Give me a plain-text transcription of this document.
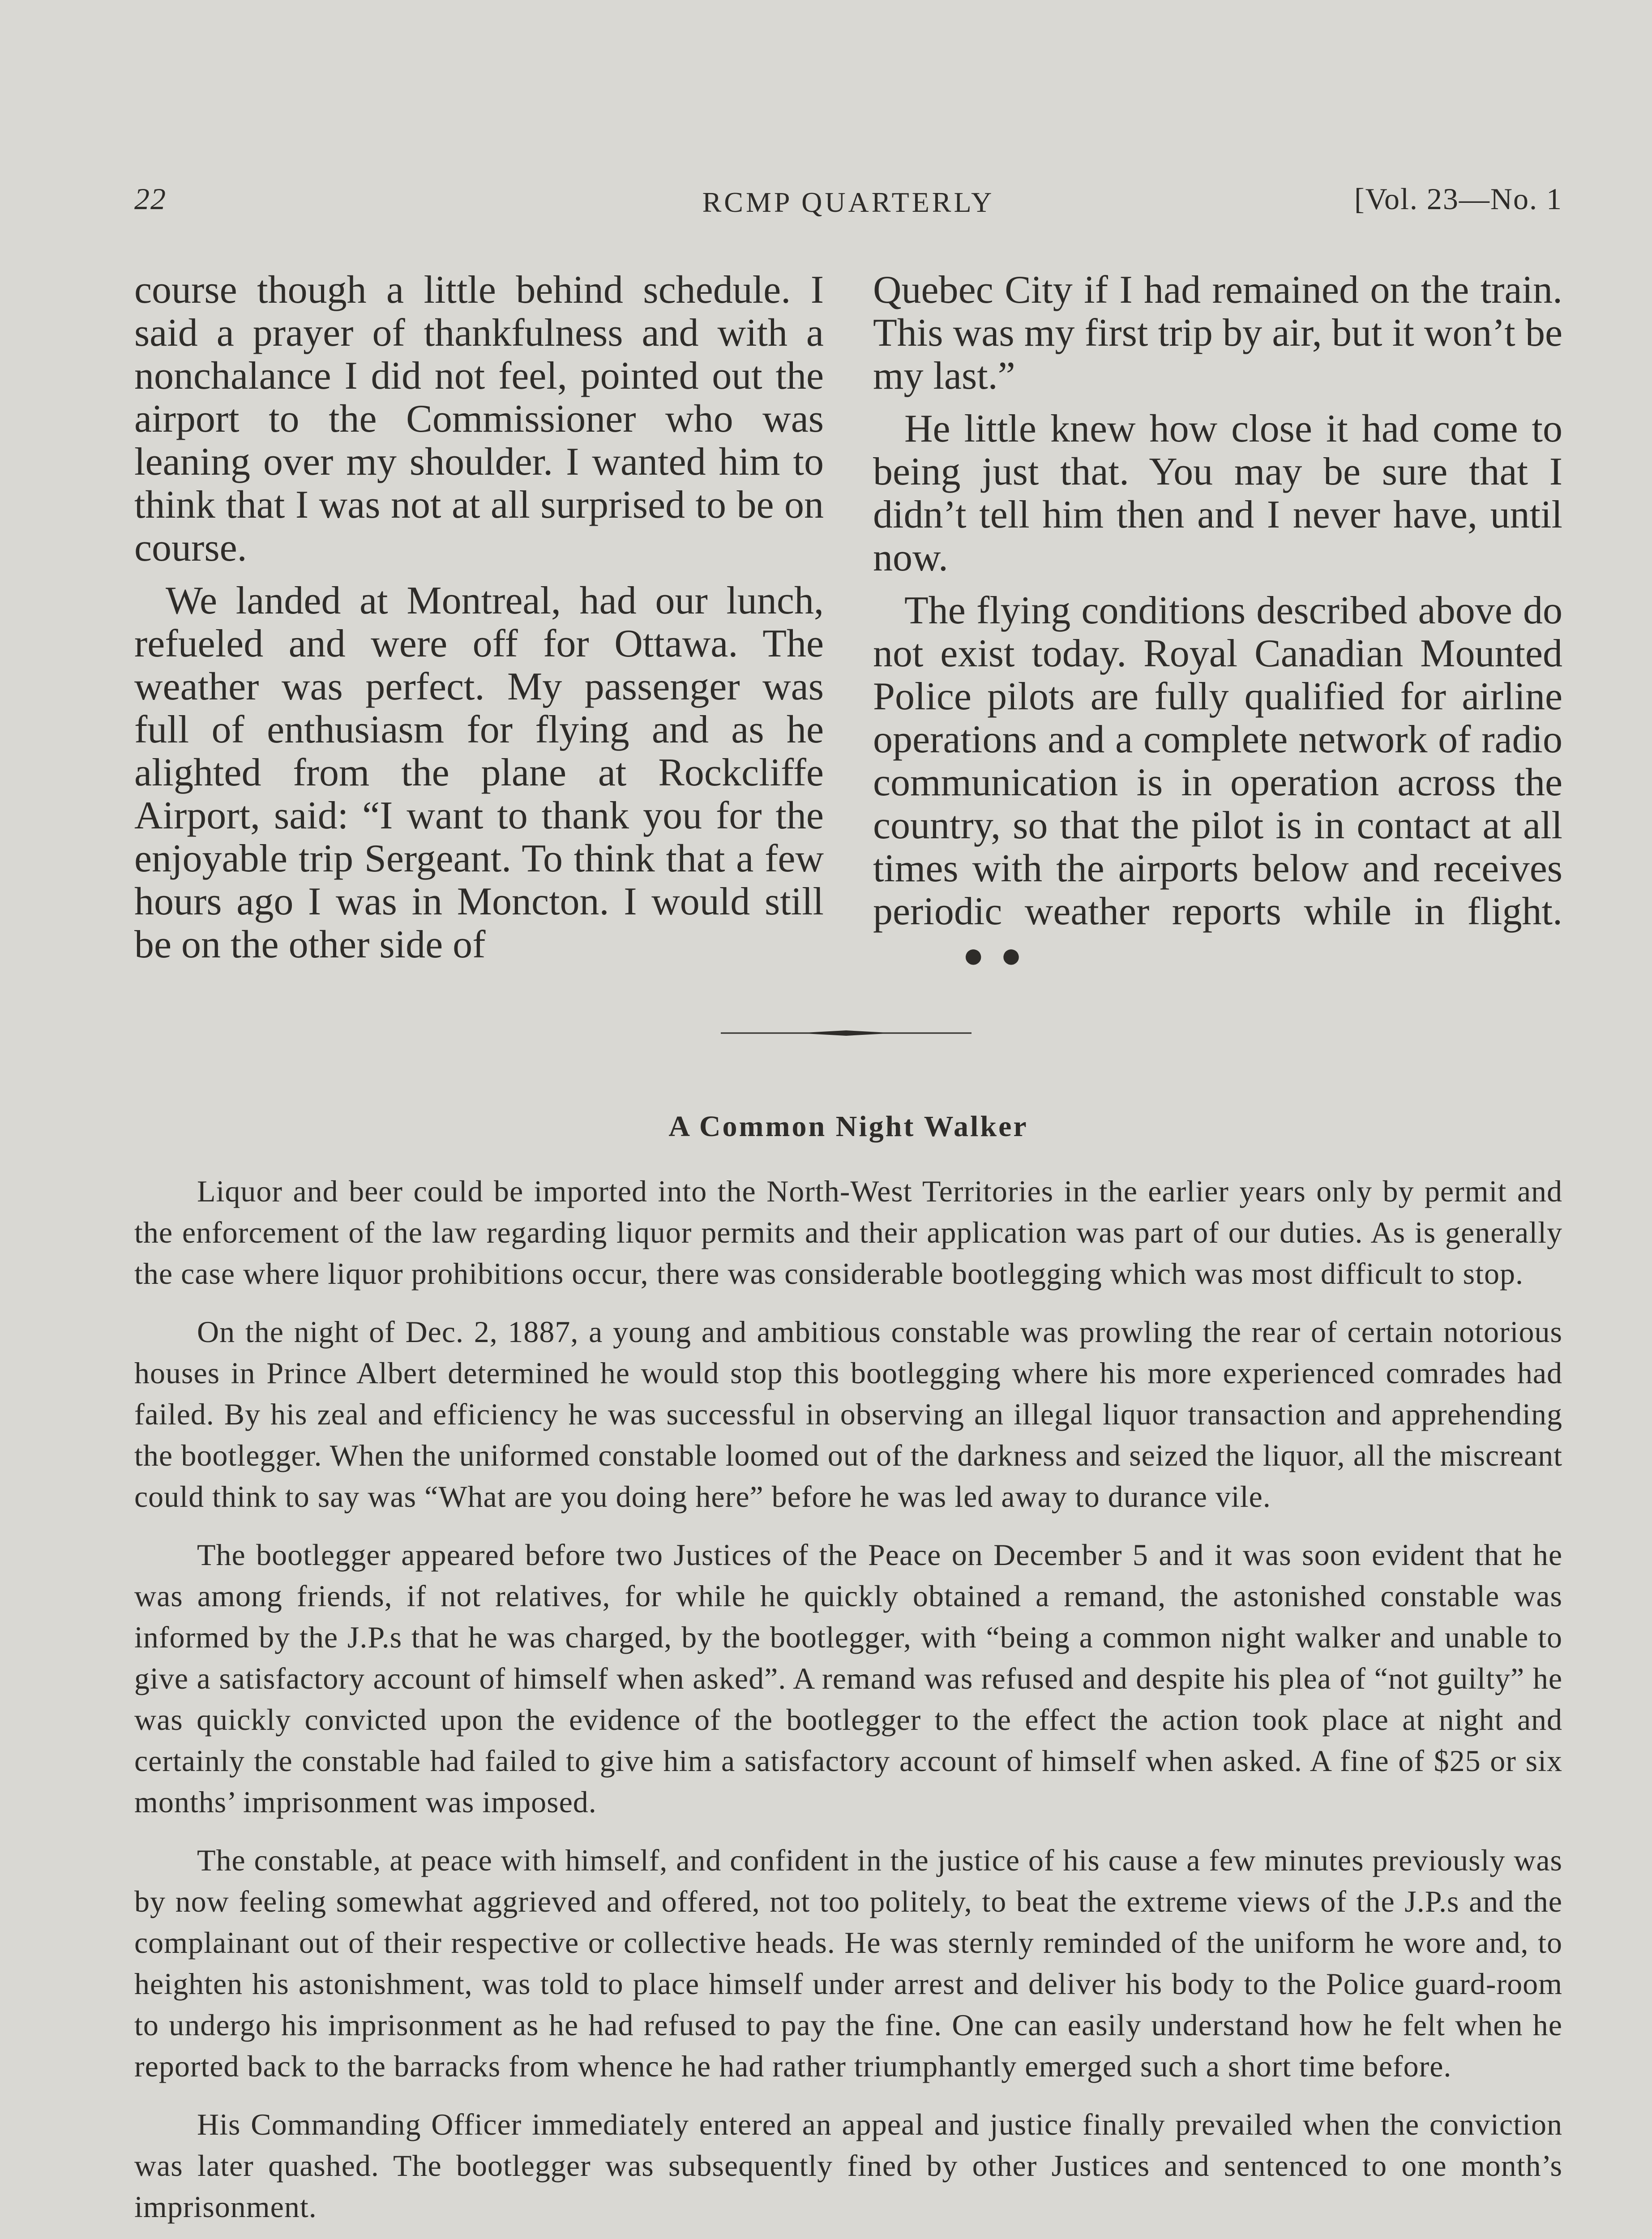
22	RCMP QUARTERLY	[Vol. 23—No. 1

course though a little behind schedule. I said a prayer of thankfulness and with a nonchalance I did not feel, pointed out the airport to the Commissioner who was leaning over my shoulder. I wanted him to think that I was not at all surprised to be on course.

We landed at Montreal, had our lunch, refueled and were off for Ottawa. The weather was perfect. My passenger was full of enthusiasm for flying and as he alighted from the plane at Rockcliffe Airport, said: “I want to thank you for the enjoyable trip Sergeant. To think that a few hours ago I was in Moncton. I would still be on the other side of

Quebec City if I had remained on the train. This was my first trip by air, but it won’t be my last.”

He little knew how close it had come to being just that. You may be sure that I didn’t tell him then and I never have, until now.

The flying conditions described above do not exist today. Royal Canadian Mounted Police pilots are fully qualified for airline operations and a complete network of radio communication is in operation across the country, so that the pilot is in contact at all times with the airports below and receives periodic weather reports while in flight.● ●

A Common Night Walker

Liquor and beer could be imported into the North-West Territories in the earlier years only by permit and the enforcement of the law regarding liquor permits and their application was part of our duties. As is generally the case where liquor prohibitions occur, there was considerable bootlegging which was most difficult to stop.

On the night of Dec. 2, 1887, a young and ambitious constable was prowling the rear of certain notorious houses in Prince Albert determined he would stop this bootlegging where his more experienced comrades had failed. By his zeal and efficiency he was successful in observing an illegal liquor transaction and apprehending the bootlegger. When the uniformed constable loomed out of the darkness and seized the liquor, all the miscreant could think to say was “What are you doing here” before he was led away to durance vile.

The bootlegger appeared before two Justices of the Peace on December 5 and it was soon evident that he was among friends, if not relatives, for while he quickly obtained a remand, the astonished constable was informed by the J.P.s that he was charged, by the bootlegger, with “being a common night walker and unable to give a satisfactory account of himself when asked”. A remand was refused and despite his plea of “not guilty” he was quickly convicted upon the evidence of the bootlegger to the effect the action took place at night and certainly the constable had failed to give him a satisfactory account of himself when asked. A fine of $25 or six months’ imprisonment was imposed.

The constable, at peace with himself, and confident in the justice of his cause a few minutes previously was by now feeling somewhat aggrieved and offered, not too politely, to beat the extreme views of the J.P.s and the complainant out of their respective or collective heads. He was sternly reminded of the uniform he wore and, to heighten his astonishment, was told to place himself under arrest and deliver his body to the Police guard-room to undergo his imprisonment as he had refused to pay the fine. One can easily understand how he felt when he reported back to the barracks from whence he had rather triumphantly emerged such a short time before.

His Commanding Officer immediately entered an appeal and justice finally prevailed when the conviction was later quashed. The bootlegger was subsequently fined by other Justices and sentenced to one month’s imprisonment.
